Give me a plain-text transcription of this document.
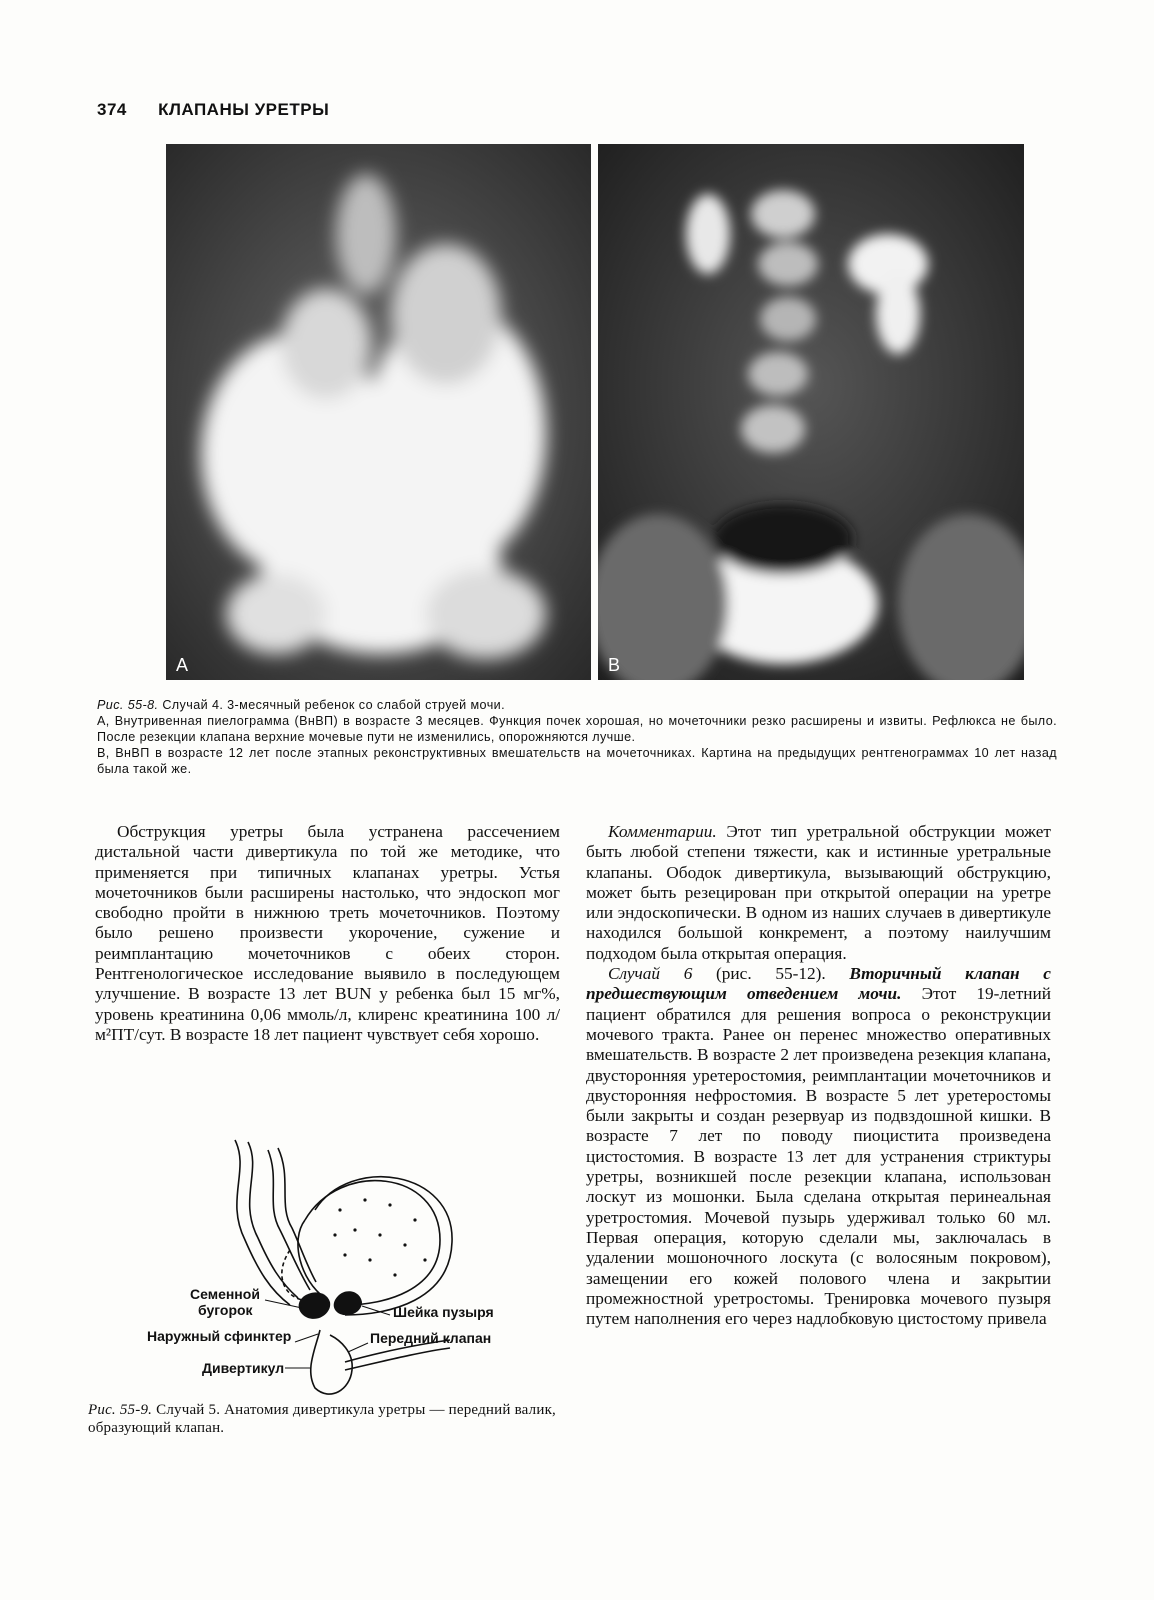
374 КЛАПАНЫ УРЕТРЫ
A	B

Рис. 55-8. Случай 4. 3-месячный ребенок со слабой струей мочи.

А, Внутривенная пиелограмма (ВнВП) в возрасте 3 месяцев. Функция почек хорошая, но мочеточники резко расширены и извиты. Рефлюкса не было. После резекции клапана верхние мочевые пути не изменились, опорожняются лучше.

В, ВнВП в возрасте 12 лет после этапных реконструктивных вмешательств на мочеточниках. Картина на предыдущих рентгенограммах 10 лет назад была такой же.

Обструкция уретры была устранена рассечением дистальной части дивертикула по той же методике, что применяется при типичных клапанах уретры. Устья мочеточников были расширены настолько, что эндоскоп мог свободно пройти в нижнюю треть мочеточников. Поэтому было решено произвести укорочение, сужение и реимплантацию мочеточников с обеих сторон. Рентгенологическое исследование выявило в последующем улучшение. В возрасте 13 лет BUN у ребенка был 15 мг%, уровень креатинина 0,06 ммоль/л, клиренс креатинина 100 л/м²ПТ/сут. В возрасте 18 лет пациент чувствует себя хорошо.

Комментарии. Этот тип уретральной обструкции может быть любой степени тяжести, как и истинные уретральные клапаны. Ободок дивертикула, вызывающий обструкцию, может быть резецирован при открытой операции на уретре или эндоскопически. В одном из наших случаев в дивертикуле находился большой конкремент, а поэтому наилучшим подходом была открытая операция.

Случай 6 (рис. 55-12). Вторичный клапан с предшествующим отведением мочи. Этот 19-летний пациент обратился для решения вопроса о реконструкции мочевого тракта. Ранее он перенес множество оперативных вмешательств. В возрасте 2 лет произведена резекция клапана, двусторонняя уретеростомия, реимплантации мочеточников и двусторонняя нефростомия. В возрасте 5 лет уретеростомы были закрыты и создан резервуар из подвздошной кишки. В возрасте 7 лет по поводу пиоцистита произведена цистостомия. В возрасте 13 лет для устранения стриктуры уретры, возникшей после резекции клапана, использован лоскут из мошонки. Была сделана открытая перинеальная уретростомия. Мочевой пузырь удерживал только 60 мл. Первая операция, которую сделали мы, заключалась в удалении мошоночного лоскута (с волосяным покровом), замещении его кожей полового члена и закрытии промежностной уретростомы. Тренировка мочевого пузыря путем наполнения его через надлобковую цистостому привела

Семенной
бугорок	Шейка пузыря
Наружный сфинктер	Передний клапан
Дивертикул
Рис. 55-9. Случай 5. Анатомия дивертикула уретры — передний валик, образующий клапан.
